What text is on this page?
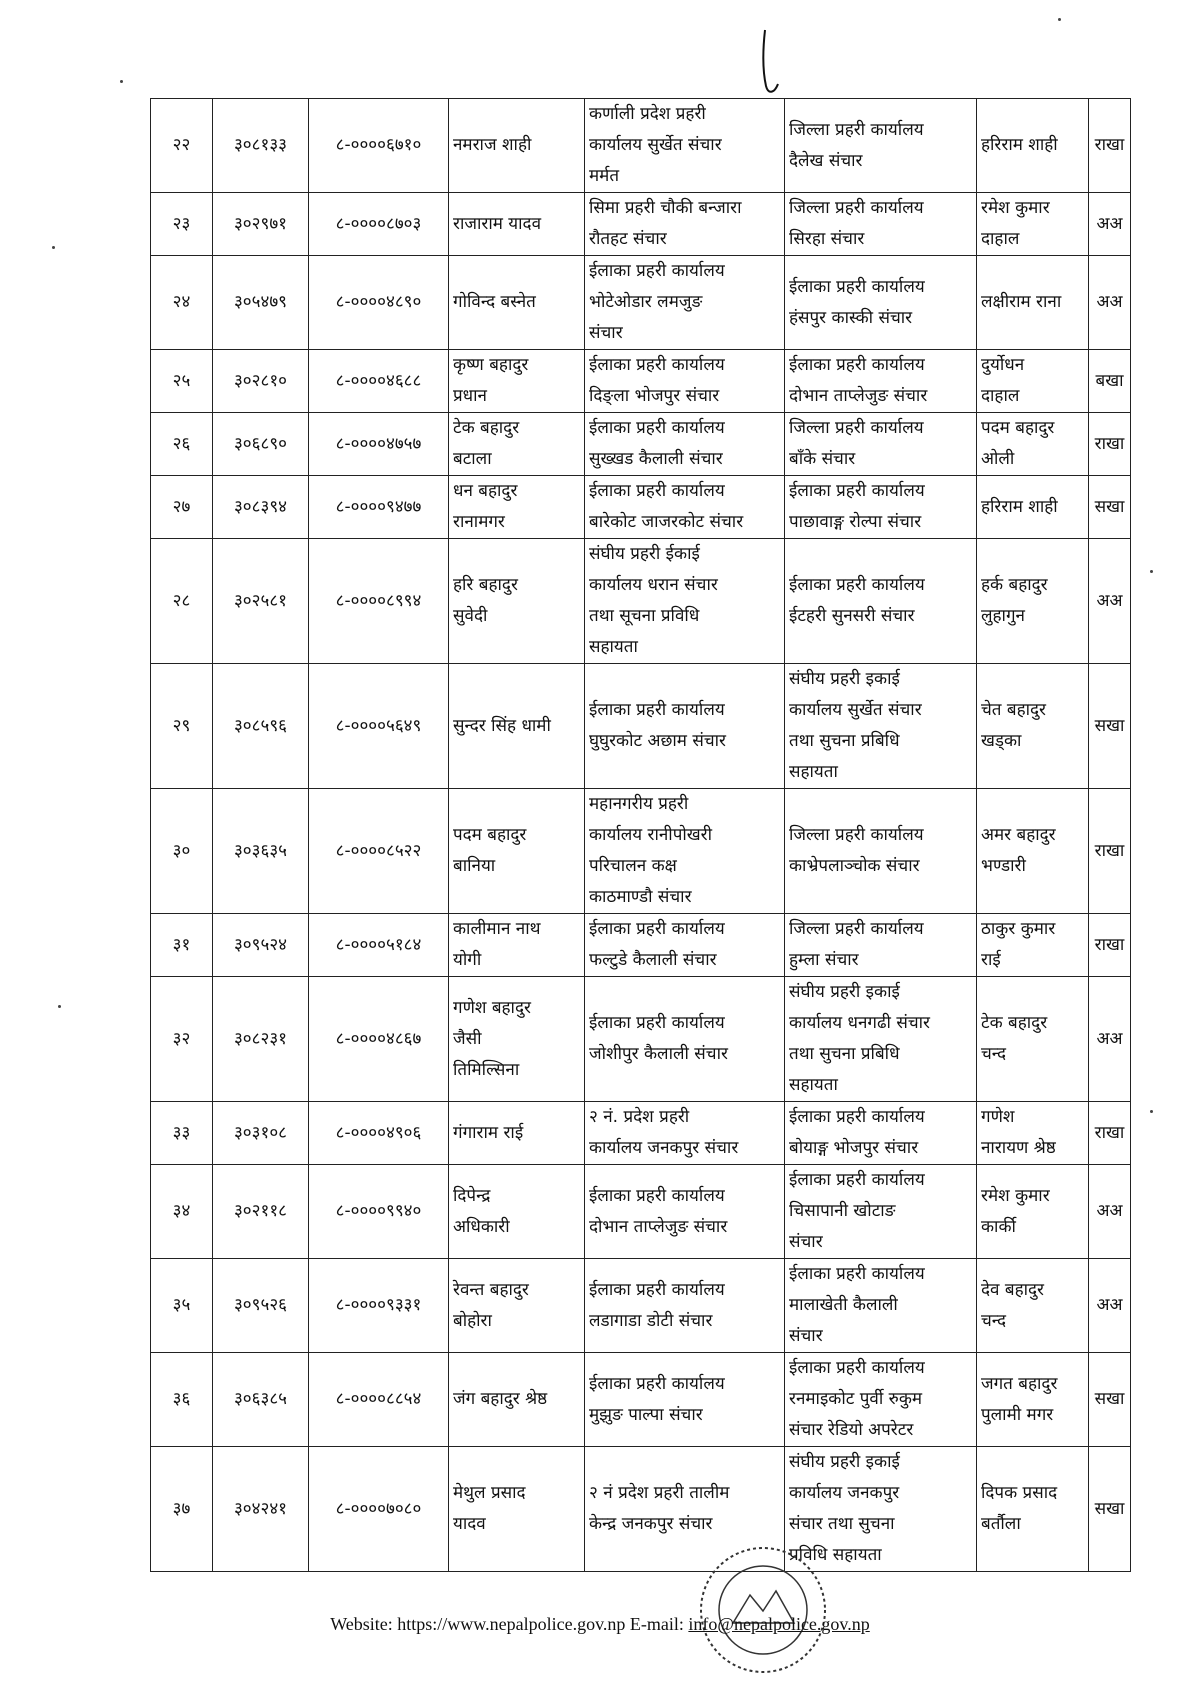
२२	३०८१३३	८-००००६७१०	नमराज शाही	कर्णाली प्रदेश प्रहरी
कार्यालय सुर्खेत संचार
मर्मत	जिल्ला प्रहरी कार्यालय
दैलेख संचार	हरिराम शाही	राखा
२३	३०२९७१	८-००००८७०३	राजाराम यादव	सिमा प्रहरी चौकी बन्जारा
रौतहट संचार	जिल्ला प्रहरी कार्यालय
सिरहा संचार	रमेश कुमार
दाहाल	अअ
२४	३०५४७९	८-००००४८९०	गोविन्द बस्नेत	ईलाका प्रहरी कार्यालय
भोटेओडार लमजुङ
संचार	ईलाका प्रहरी कार्यालय
हंसपुर कास्की संचार	लक्षीराम राना	अअ
२५	३०२८१०	८-००००४६८८	कृष्ण बहादुर
प्रधान	ईलाका प्रहरी कार्यालय
दिङ्ला भोजपुर संचार	ईलाका प्रहरी कार्यालय
दोभान ताप्लेजुङ संचार	दुर्योधन
दाहाल	बखा
२६	३०६८९०	८-००००४७५७	टेक बहादुर
बटाला	ईलाका प्रहरी कार्यालय
सुख्खड कैलाली संचार	जिल्ला प्रहरी कार्यालय
बाँके संचार	पदम बहादुर
ओली	राखा
२७	३०८३९४	८-००००९४७७	धन बहादुर
रानामगर	ईलाका प्रहरी कार्यालय
बारेकोट जाजरकोट संचार	ईलाका प्रहरी कार्यालय
पाछावाङ्ग रोल्पा संचार	हरिराम शाही	सखा
२८	३०२५८१	८-००००८९९४	हरि बहादुर
सुवेदी	संघीय प्रहरी ईकाई
कार्यालय धरान संचार
तथा सूचना प्रविधि
सहायता	ईलाका प्रहरी कार्यालय
ईटहरी सुनसरी संचार	हर्क बहादुर
लुहागुन	अअ
२९	३०८५९६	८-००००५६४९	सुन्दर सिंह धामी	ईलाका प्रहरी कार्यालय
घुघुरकोट अछाम संचार	संघीय प्रहरी इकाई
कार्यालय सुर्खेत संचार
तथा सुचना प्रबिधि
सहायता	चेत बहादुर
खड्का	सखा
३०	३०३६३५	८-००००८५२२	पदम बहादुर
बानिया	महानगरीय प्रहरी
कार्यालय रानीपोखरी
परिचालन कक्ष
काठमाण्डौ संचार	जिल्ला प्रहरी कार्यालय
काभ्रेपलाञ्चोक संचार	अमर बहादुर
भण्डारी	राखा
३१	३०९५२४	८-००००५१८४	कालीमान नाथ
योगी	ईलाका प्रहरी कार्यालय
फल्टुडे कैलाली संचार	जिल्ला प्रहरी कार्यालय
हुम्ला संचार	ठाकुर कुमार
राई	राखा
३२	३०८२३१	८-००००४८६७	गणेश बहादुर
जैसी
तिमिल्सिना	ईलाका प्रहरी कार्यालय
जोशीपुर कैलाली संचार	संघीय प्रहरी इकाई
कार्यालय धनगढी संचार
तथा सुचना प्रबिधि
सहायता	टेक बहादुर
चन्द	अअ
३३	३०३१०८	८-००००४९०६	गंगाराम राई	२ नं. प्रदेश प्रहरी
कार्यालय जनकपुर संचार	ईलाका प्रहरी कार्यालय
बोयाङ्ग भोजपुर संचार	गणेश
नारायण श्रेष्ठ	राखा
३४	३०२११८	८-००००९९४०	दिपेन्द्र
अधिकारी	ईलाका प्रहरी कार्यालय
दोभान ताप्लेजुङ संचार	ईलाका प्रहरी कार्यालय
चिसापानी खोटाङ
संचार	रमेश कुमार
कार्की	अअ
३५	३०९५२६	८-००००९३३१	रेवन्त बहादुर
बोहोरा	ईलाका प्रहरी कार्यालय
लडागाडा डोटी संचार	ईलाका प्रहरी कार्यालय
मालाखेती कैलाली
संचार	देव बहादुर
चन्द	अअ
३६	३०६३८५	८-००००८८५४	जंग बहादुर श्रेष्ठ	ईलाका प्रहरी कार्यालय
मुझुङ पाल्पा संचार	ईलाका प्रहरी कार्यालय
रनमाइकोट पुर्वी रुकुम
संचार रेडियो अपरेटर	जगत बहादुर
पुलामी मगर	सखा
३७	३०४२४१	८-००००७०८०	मेथुल प्रसाद
यादव	२ नं प्रदेश प्रहरी तालीम
केन्द्र जनकपुर संचार	संघीय प्रहरी इकाई
कार्यालय जनकपुर
संचार तथा सुचना
प्रविधि सहायता	दिपक प्रसाद
बर्तौला	सखा
Website: https://www.nepalpolice.gov.np E-mail: info@nepalpolice.gov.np
